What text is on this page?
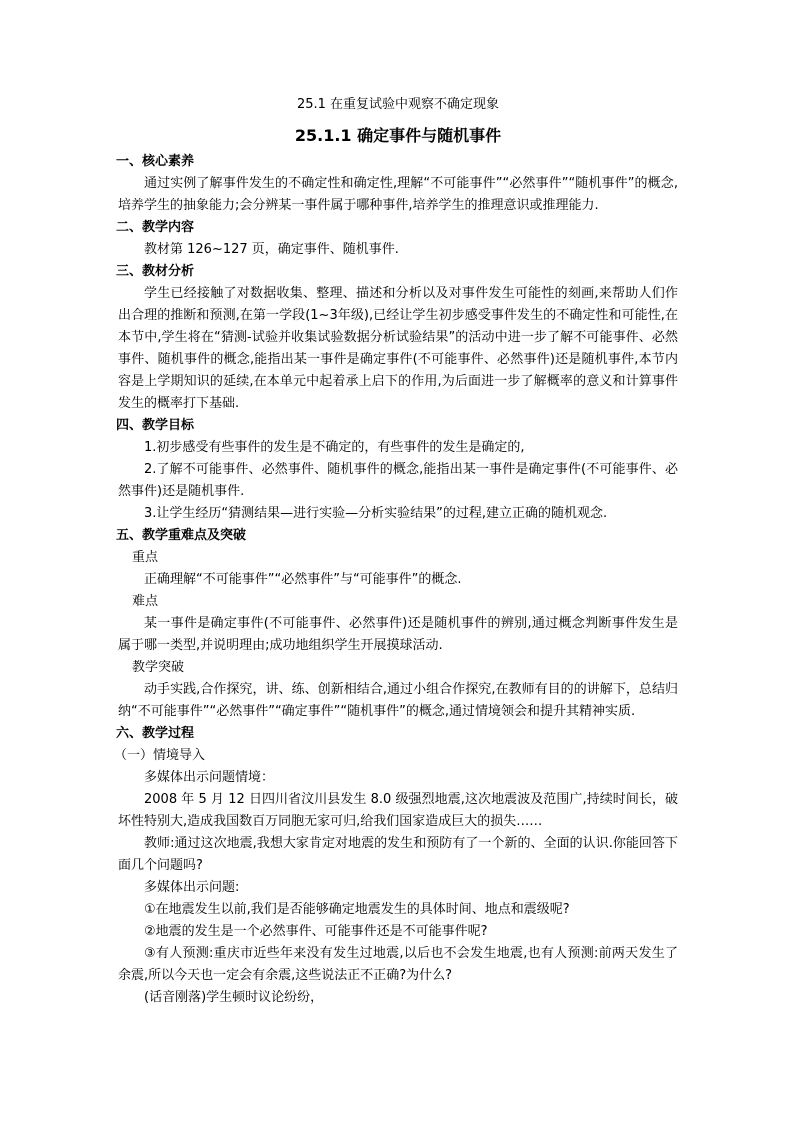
25.1 在重复试验中观察不确定现象
25.1.1 确定事件与随机事件
一、核心素养

通过实例了解事件发生的不确定性和确定性,理解“不可能事件”“必然事件”“随机事件”的概念,培养学生的抽象能力;会分辨某一事件属于哪种事件,培养学生的推理意识或推理能力.

二、教学内容

教材第 126~127 页，确定事件、随机事件.

三、教材分析

学生已经接触了对数据收集、整理、描述和分析以及对事件发生可能性的刻画,来帮助人们作出合理的推断和预测,在第一学段(1~3年级),已经让学生初步感受事件发生的不确定性和可能性,在本节中,学生将在“猜测-试验并收集试验数据分析试验结果”的活动中进一步了解不可能事件、必然事件、随机事件的概念,能指出某一事件是确定事件(不可能事件、必然事件)还是随机事件,本节内容是上学期知识的延续,在本单元中起着承上启下的作用,为后面进一步了解概率的意义和计算事件发生的概率打下基础.

四、教学目标

1.初步感受有些事件的发生是不确定的，有些事件的发生是确定的,

2.了解不可能事件、必然事件、随机事件的概念,能指出某一事件是确定事件(不可能事件、必然事件)还是随机事件.

3.让学生经历“猜测结果—进行实验—分析实验结果”的过程,建立正确的随机观念.

五、教学重难点及突破
重点

正确理解“不可能事件”“必然事件”与“可能事件”的概念.

难点

某一事件是确定事件(不可能事件、必然事件)还是随机事件的辨别,通过概念判断事件发生是属于哪一类型,并说明理由;成功地组织学生开展摸球活动.

教学突破

动手实践,合作探究，讲、练、创新相结合,通过小组合作探究,在教师有目的的讲解下，总结归纳“不可能事件”“必然事件”“确定事件”“随机事件”的概念,通过情境领会和提升其精神实质.

六、教学过程
（一）情境导入

多媒体出示问题情境：

2008 年 5 月 12 日四川省汶川县发生 8.0 级强烈地震,这次地震波及范围广,持续时间长，破坏性特别大,造成我国数百万同胞无家可归,给我们国家造成巨大的损失……

教师:通过这次地震,我想大家肯定对地震的发生和预防有了一个新的、全面的认识.你能回答下面几个问题吗?

多媒体出示问题:

①在地震发生以前,我们是否能够确定地震发生的具体时间、地点和震级呢?

②地震的发生是一个必然事件、可能事件还是不可能事件呢?

③有人预测:重庆市近些年来没有发生过地震,以后也不会发生地震,也有人预测:前两天发生了余震,所以今天也一定会有余震,这些说法正不正确?为什么?

(话音刚落)学生顿时议论纷纷，
